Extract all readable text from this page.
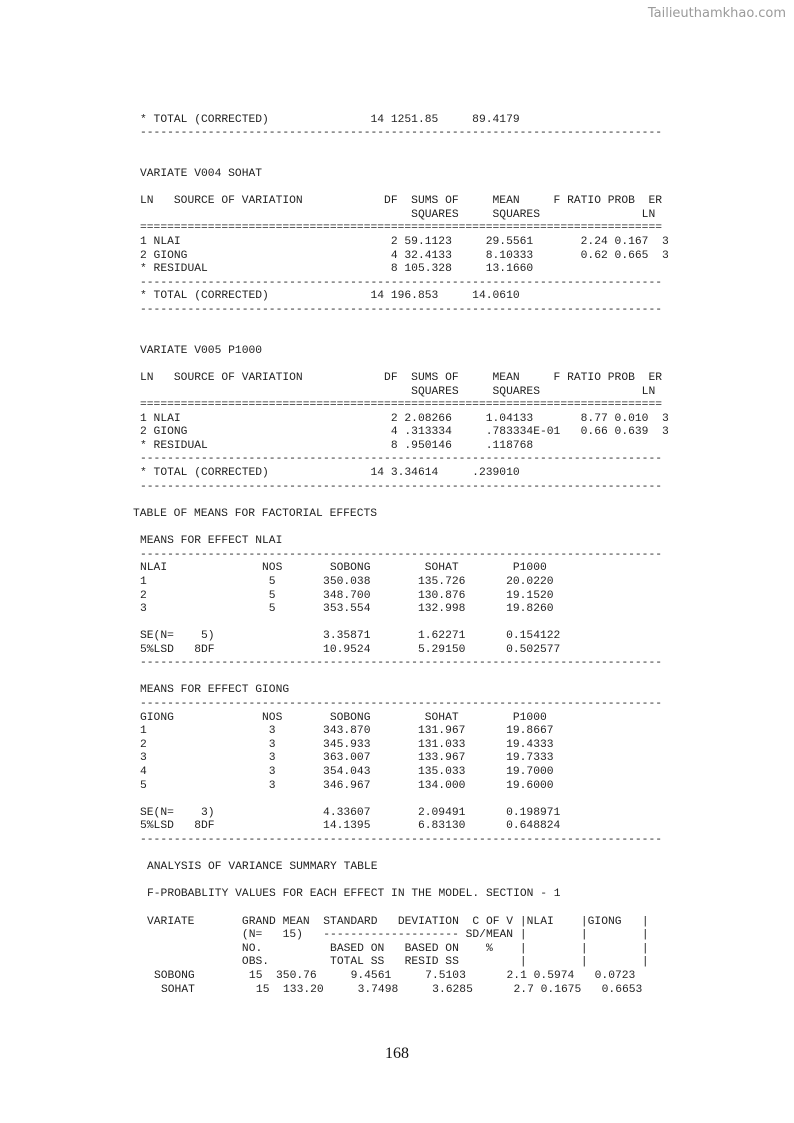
Tailieuthamkhao.com
* TOTAL (CORRECTED)               14 1251.85     89.4179
-----------------------------------------------------------------------------
VARIATE V004 SOHAT
LN   SOURCE OF VARIATION            DF  SUMS OF     MEAN     F RATIO PROB  ER
SQUARES     SQUARES               LN
=============================================================================
1 NLAI                               2 59.1123     29.5561       2.24 0.167  3
2 GIONG                              4 32.4133     8.10333       0.62 0.665  3
* RESIDUAL                           8 105.328     13.1660
-----------------------------------------------------------------------------
* TOTAL (CORRECTED)               14 196.853     14.0610
-----------------------------------------------------------------------------
VARIATE V005 P1000
LN   SOURCE OF VARIATION            DF  SUMS OF     MEAN     F RATIO PROB  ER
SQUARES     SQUARES               LN
=============================================================================
1 NLAI                               2 2.08266     1.04133       8.77 0.010  3
2 GIONG                              4 .313334     .783334E-01   0.66 0.639  3
* RESIDUAL                           8 .950146     .118768
-----------------------------------------------------------------------------
* TOTAL (CORRECTED)               14 3.34614     .239010
-----------------------------------------------------------------------------
TABLE OF MEANS FOR FACTORIAL EFFECTS
MEANS FOR EFFECT NLAI
-----------------------------------------------------------------------------
NLAI              NOS       SOBONG        SOHAT        P1000
1                  5       350.038       135.726      20.0220
2                  5       348.700       130.876      19.1520
3                  5       353.554       132.998      19.8260
SE(N=    5)                3.35871       1.62271      0.154122
5%LSD   8DF                10.9524       5.29150      0.502577
-----------------------------------------------------------------------------
MEANS FOR EFFECT GIONG
-----------------------------------------------------------------------------
GIONG             NOS       SOBONG        SOHAT        P1000
1                  3       343.870       131.967      19.8667
2                  3       345.933       131.033      19.4333
3                  3       363.007       133.967      19.7333
4                  3       354.043       135.033      19.7000
5                  3       346.967       134.000      19.6000
SE(N=    3)                4.33607       2.09491      0.198971
5%LSD   8DF                14.1395       6.83130      0.648824
-----------------------------------------------------------------------------
ANALYSIS OF VARIANCE SUMMARY TABLE
F-PROBABLITY VALUES FOR EACH EFFECT IN THE MODEL. SECTION - 1
VARIATE       GRAND MEAN  STANDARD   DEVIATION  C OF V |NLAI    |GIONG   |
(N=   15)   -------------------- SD/MEAN |        |        |
NO.          BASED ON   BASED ON    %    |        |        |
OBS.         TOTAL SS   RESID SS         |        |        |
SOBONG        15  350.76     9.4561     7.5103      2.1 0.5974   0.0723
SOHAT         15  133.20     3.7498     3.6285      2.7 0.1675   0.6653
168
